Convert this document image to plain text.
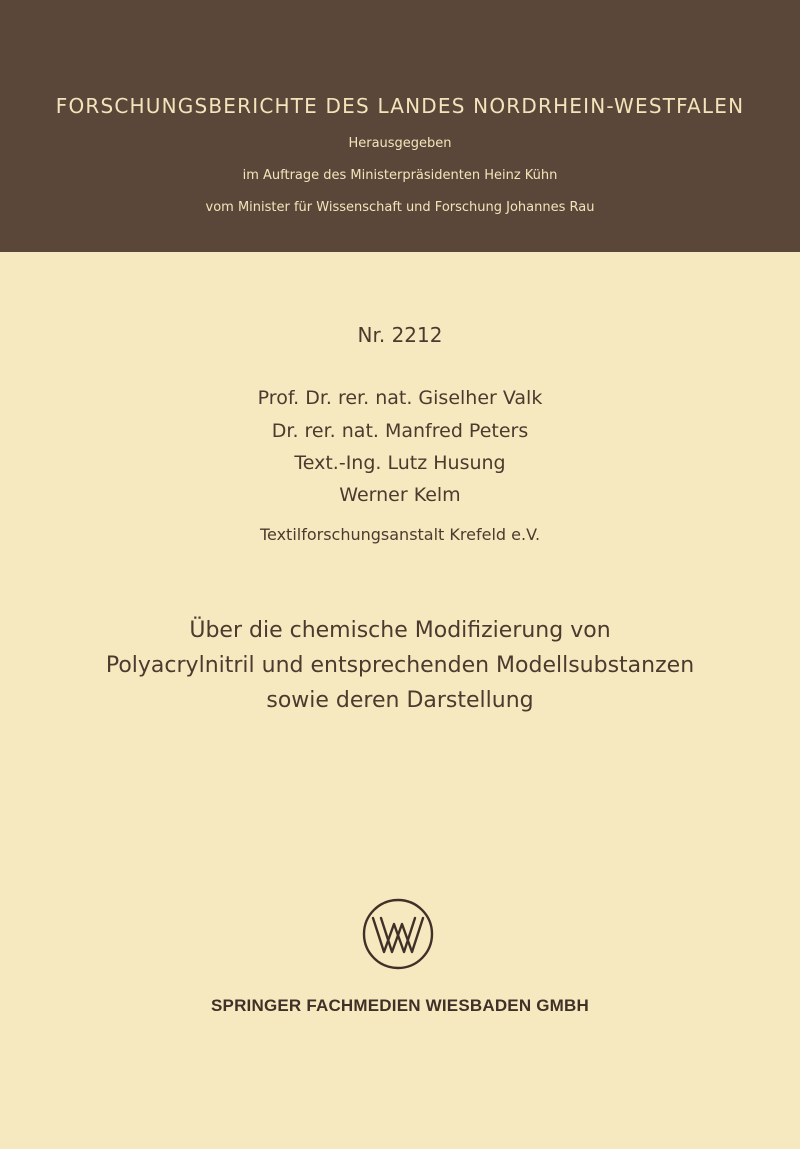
FORSCHUNGSBERICHTE DES LANDES NORDRHEIN-WESTFALEN
Herausgegeben
im Auftrage des Ministerpräsidenten Heinz Kühn
vom Minister für Wissenschaft und Forschung Johannes Rau
Nr. 2212
Prof. Dr. rer. nat. Giselher Valk
Dr. rer. nat. Manfred Peters
Text.-Ing. Lutz Husung
Werner Kelm
Textilforschungsanstalt Krefeld e.V.
Über die chemische Modifizierung von
Polyacrylnitril und entsprechenden Modellsubstanzen
sowie deren Darstellung
SPRINGER FACHMEDIEN WIESBADEN GMBH
